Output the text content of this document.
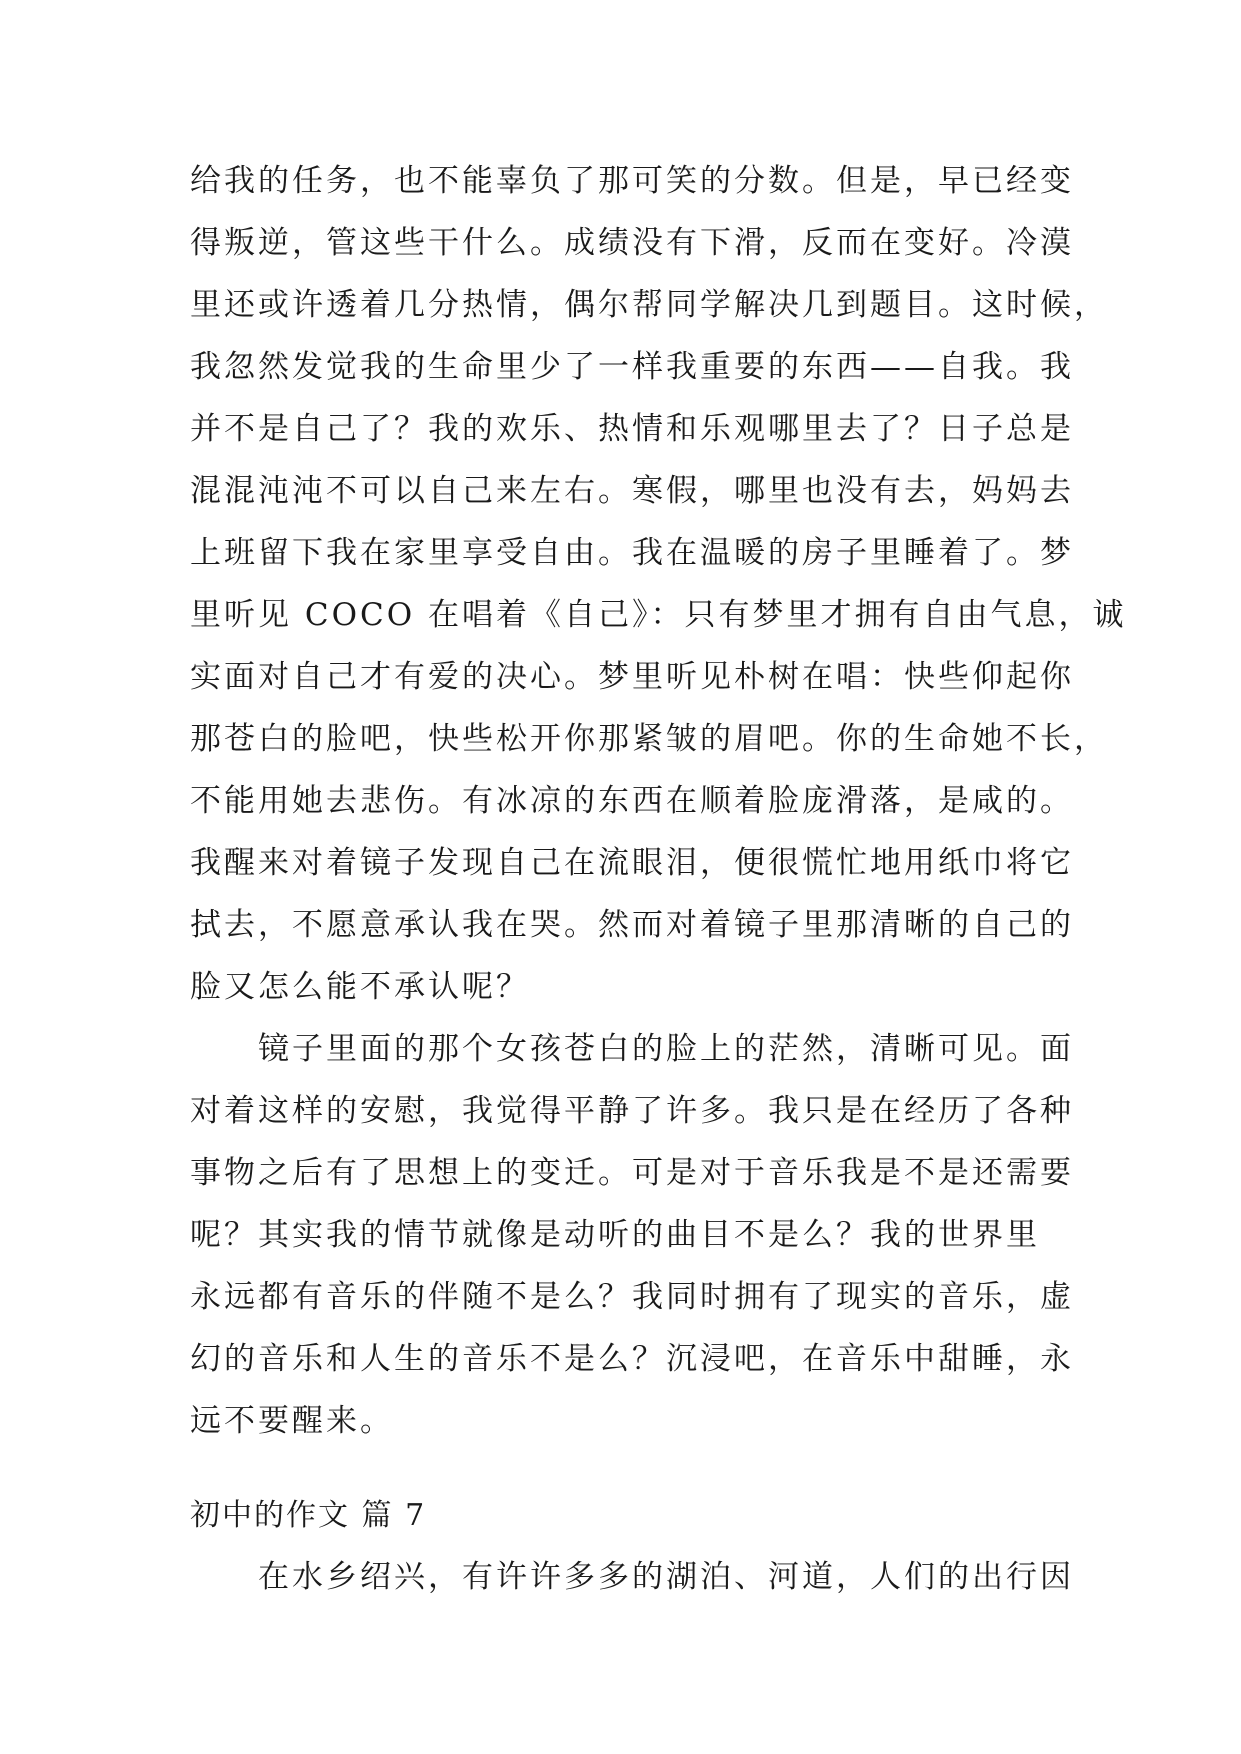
给我的任务，也不能辜负了那可笑的分数。但是，早已经变
得叛逆，管这些干什么。成绩没有下滑，反而在变好。冷漠
里还或许透着几分热情，偶尔帮同学解决几到题目。这时候，
我忽然发觉我的生命里少了一样我重要的东西——自我。我
并不是自己了？我的欢乐、热情和乐观哪里去了？日子总是
混混沌沌不可以自己来左右。寒假，哪里也没有去，妈妈去
上班留下我在家里享受自由。我在温暖的房子里睡着了。梦
里听见 COCO 在唱着《自己》：只有梦里才拥有自由气息，诚
实面对自己才有爱的决心。梦里听见朴树在唱：快些仰起你
那苍白的脸吧，快些松开你那紧皱的眉吧。你的生命她不长，
不能用她去悲伤。有冰凉的东西在顺着脸庞滑落，是咸的。
我醒来对着镜子发现自己在流眼泪，便很慌忙地用纸巾将它
拭去，不愿意承认我在哭。然而对着镜子里那清晰的自己的
脸又怎么能不承认呢？
　　镜子里面的那个女孩苍白的脸上的茫然，清晰可见。面
对着这样的安慰，我觉得平静了许多。我只是在经历了各种
事物之后有了思想上的变迁。可是对于音乐我是不是还需要
呢？其实我的情节就像是动听的曲目不是么？我的世界里
永远都有音乐的伴随不是么？我同时拥有了现实的音乐，虚
幻的音乐和人生的音乐不是么？沉浸吧，在音乐中甜睡，永
远不要醒来。
初中的作文 篇 7
　　在水乡绍兴，有许许多多的湖泊、河道，人们的出行因
